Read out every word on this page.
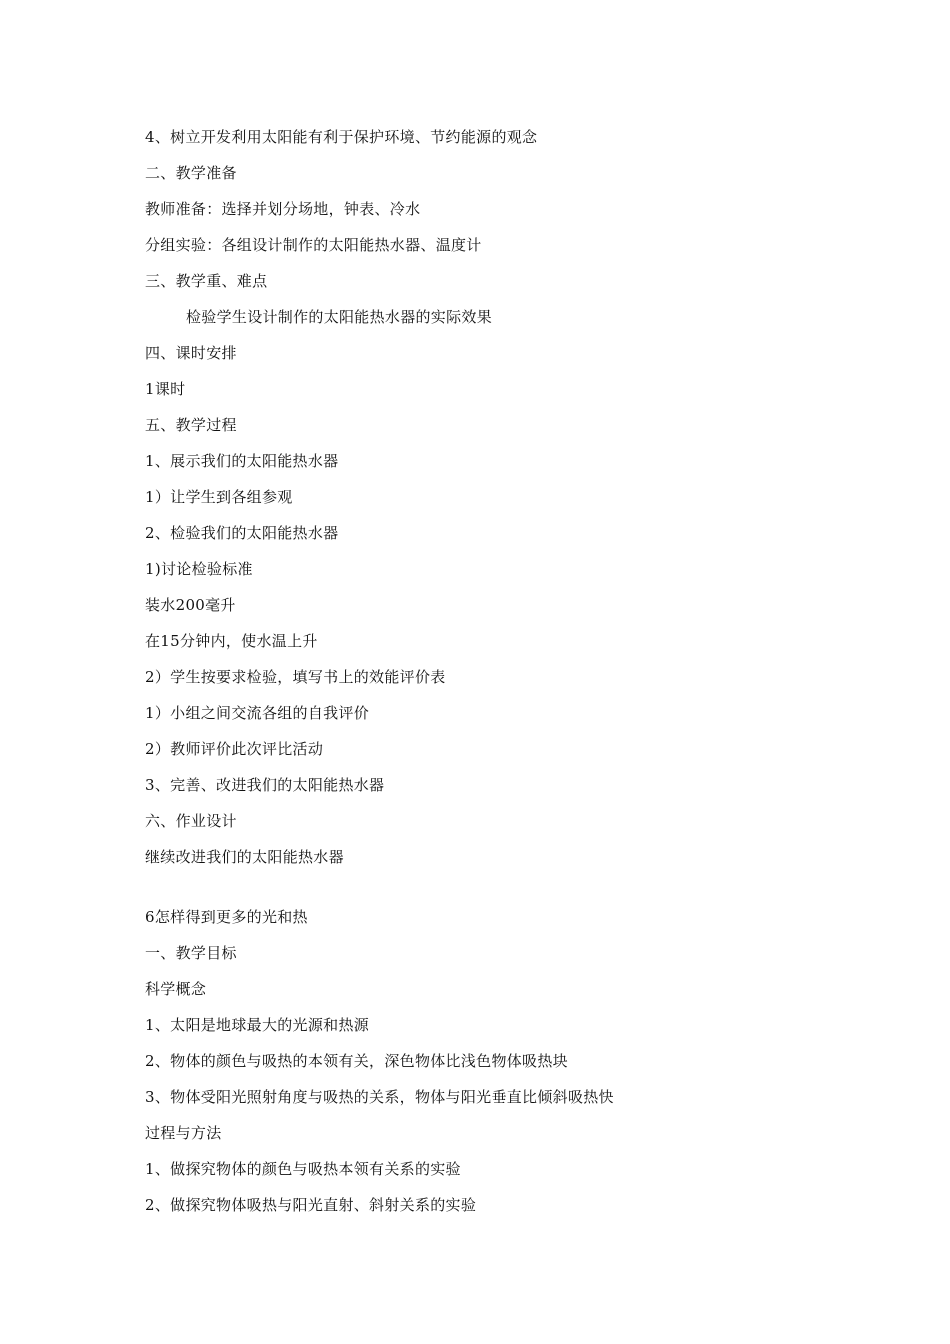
4、树立开发利用太阳能有利于保护环境、节约能源的观念
二、教学准备
教师准备：选择并划分场地，钟表、冷水
分组实验：各组设计制作的太阳能热水器、温度计
三、教学重、难点
检验学生设计制作的太阳能热水器的实际效果
四、课时安排
1课时
五、教学过程
1、展示我们的太阳能热水器
1）让学生到各组参观
2、检验我们的太阳能热水器
1)讨论检验标准
装水200毫升
在15分钟内，使水温上升
2）学生按要求检验，填写书上的效能评价表
1）小组之间交流各组的自我评价
2）教师评价此次评比活动
3、完善、改进我们的太阳能热水器
六、作业设计
继续改进我们的太阳能热水器
6怎样得到更多的光和热
一、教学目标
科学概念
1、太阳是地球最大的光源和热源
2、物体的颜色与吸热的本领有关，深色物体比浅色物体吸热块
3、物体受阳光照射角度与吸热的关系，物体与阳光垂直比倾斜吸热快
过程与方法
1、做探究物体的颜色与吸热本领有关系的实验
2、做探究物体吸热与阳光直射、斜射关系的实验
